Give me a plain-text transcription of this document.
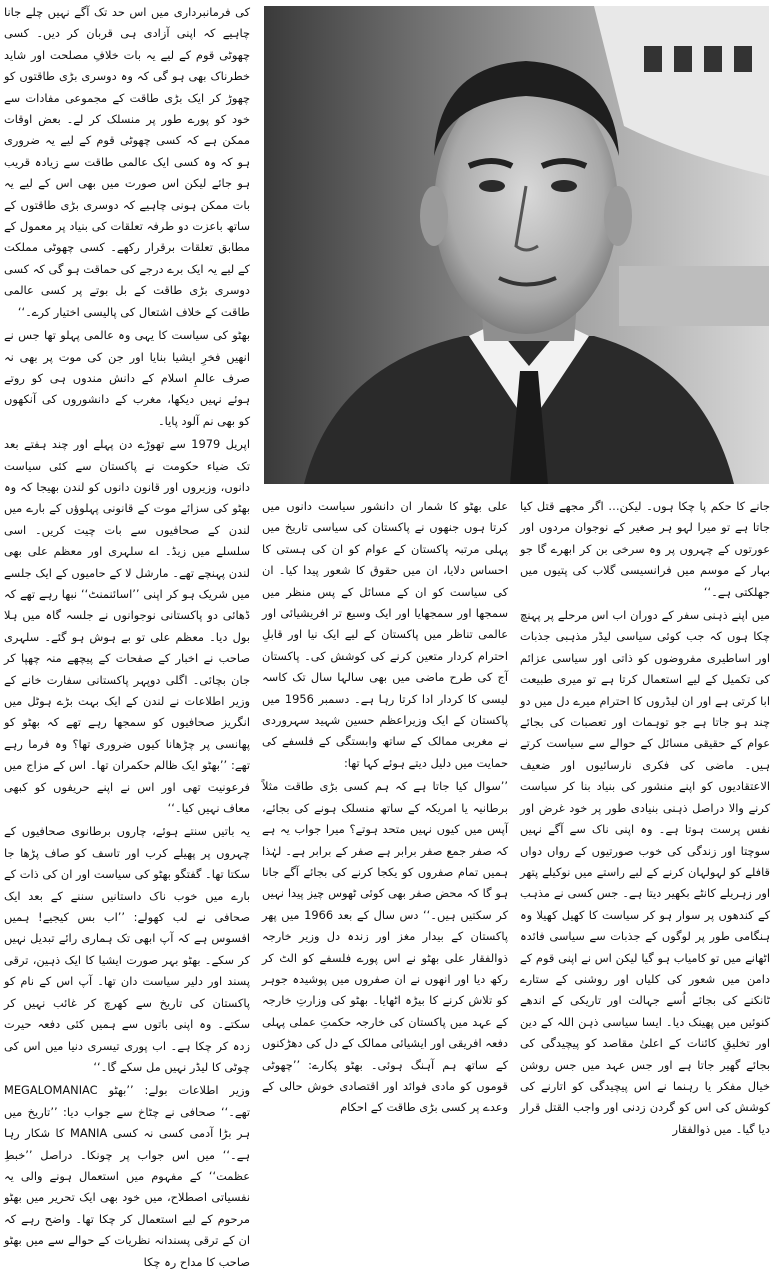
کی فرمانبرداری میں اس حد تک آگے نہیں چلے جانا چاہیے کہ اپنی آزادی ہی قربان کر دیں۔ کسی چھوٹی قوم کے لیے یہ بات خلافِ مصلحت اور شاید خطرناک بھی ہو گی کہ وہ دوسری بڑی طاقتوں کو چھوڑ کر ایک بڑی طاقت کے مجموعی مفادات سے خود کو پورے طور پر منسلک کر لے۔ بعض اوقات ممکن ہے کہ کسی چھوٹی قوم کے لیے یہ ضروری ہو کہ وہ کسی ایک عالمی طاقت سے زیادہ قریب ہو جائے لیکن اس صورت میں بھی اس کے لیے یہ بات ممکن ہونی چاہیے کہ دوسری بڑی طاقتوں کے ساتھ باعزت دو طرفہ تعلقات کی بنیاد پر معمول کے مطابق تعلقات برقرار رکھے۔ کسی چھوٹی مملکت کے لیے یہ ایک برے درجے کی حماقت ہو گی کہ کسی دوسری بڑی طاقت کے بل بوتے پر کسی عالمی طاقت کے خلاف اشتعال کی پالیسی اختیار کرے۔‘‘

بھٹو کی سیاست کا یہی وہ عالمی پہلو تھا جس نے انھیں فخرِ ایشیا بنایا اور جن کی موت پر بھی نہ صرف عالمِ اسلام کے دانش مندوں ہی کو روتے ہوئے نہیں دیکھا، مغرب کے دانشوروں کی آنکھوں کو بھی نم آلود پایا۔

اپریل 1979 سے تھوڑے دن پہلے اور چند ہفتے بعد تک ضیاء حکومت نے پاکستان سے کئی سیاست دانوں، وزیروں اور قانون دانوں کو لندن بھیجا کہ وہ بھٹو کی سزائے موت کے قانونی پہلوؤں کے بارے میں لندن کے صحافیوں سے بات چیت کریں۔ اسی سلسلے میں زیڈ۔ اے سلہری اور معظم علی بھی لندن پہنچے تھے۔ مارشل لا کے حامیوں کے ایک جلسے میں شریک ہو کر اپنی ’’اسائنمنٹ‘‘ نبھا رہے تھے کہ ڈھائی دو پاکستانی نوجوانوں نے جلسہ گاہ میں ہلا بول دیا۔ معظم علی تو بے ہوش ہو گئے۔ سلہری صاحب نے اخبار کے صفحات کے پیچھے منہ چھپا کر جان بچائی۔ اگلی دوپہر پاکستانی سفارت خانے کے وزیر اطلاعات نے لندن کے ایک بہت بڑے ہوٹل میں انگریز صحافیوں کو سمجھا رہے تھے کہ بھٹو کو پھانسی پر چڑھانا کیوں ضروری تھا؟ وہ فرما رہے تھے: ’’بھٹو ایک ظالم حکمران تھا۔ اس کے مزاج میں فرعونیت تھی اور اس نے اپنے حریفوں کو کبھی معاف نہیں کیا۔‘‘

یہ باتیں سنتے ہوئے، چاروں برطانوی صحافیوں کے چہروں پر پھیلے کرب اور تاسف کو صاف پڑھا جا سکتا تھا۔ گفتگو بھٹو کی سیاست اور ان کی ذات کے بارے میں خوب ناک داستانیں سننے کے بعد ایک صحافی نے لب کھولے: ’’اب بس کیجیے! ہمیں افسوس ہے کہ آپ ابھی تک ہماری رائے تبدیل نہیں کر سکے۔ بھٹو بہر صورت ایشیا کا ایک ذہین، ترقی پسند اور دلیر سیاست دان تھا۔ آپ اس کے نام کو پاکستان کی تاریخ سے کھرچ کر غائب نہیں کر سکتے۔ وہ اپنی باتوں سے ہمیں کئی دفعہ حیرت زدہ کر چکا ہے۔ اب پوری تیسری دنیا میں اس کی چوٹی کا لیڈر نہیں مل سکے گا۔‘‘

وزیر اطلاعات بولے: ’’بھٹو MEGALOMANIAC تھے۔‘‘ صحافی نے چٹاخ سے جواب دیا: ’’تاریخ میں ہر بڑا آدمی کسی نہ کسی MANIA کا شکار رہا ہے۔‘‘ میں اس جواب پر چونکا۔ دراصل ’’خبطِ عظمت‘‘ کے مفہوم میں استعمال ہونے والی یہ نفسیاتی اصطلاح، میں خود بھی ایک تحریر میں بھٹو مرحوم کے لیے استعمال کر چکا تھا۔ واضح رہے کہ ان کے ترقی پسندانہ نظریات کے حوالے سے میں بھٹو صاحب کا مداح رہ چکا

علی بھٹو کا شمار ان دانشور سیاست دانوں میں کرتا ہوں جنھوں نے پاکستان کی سیاسی تاریخ میں پہلی مرتبہ پاکستان کے عوام کو ان کی ہستی کا احساس دلایا، ان میں حقوق کا شعور پیدا کیا۔ ان کی سیاست کو ان کے مسائل کے پس منظر میں سمجھا اور سمجھایا اور ایک وسیع تر افریشیائی اور عالمی تناظر میں پاکستان کے لیے ایک نیا اور قابلِ احترام کردار متعین کرنے کی کوشش کی۔ پاکستان آج کی طرح ماضی میں بھی سالہا سال تک کاسہ لیسی کا کردار ادا کرتا رہا ہے۔ دسمبر 1956 میں پاکستان کے ایک وزیراعظم حسین شہید سہروردی نے مغربی ممالک کے ساتھ وابستگی کے فلسفے کی حمایت میں دلیل دیتے ہوئے کہا تھا:

’’سوال کیا جاتا ہے کہ ہم کسی بڑی طاقت مثلاً برطانیہ یا امریکہ کے ساتھ منسلک ہونے کی بجائے، آپس میں کیوں نہیں متحد ہوتے؟ میرا جواب یہ ہے کہ صفر جمع صفر برابر ہے صفر کے برابر ہے۔ لہٰذا ہمیں تمام صفروں کو یکجا کرنے کی بجائے آگے جانا ہو گا کہ محض صفر بھی کوئی ٹھوس چیز پیدا نہیں کر سکتیں ہیں۔‘‘ دس سال کے بعد 1966 میں پھر پاکستان کے بیدار مغز اور زندہ دل وزیر خارجہ ذوالفقار علی بھٹو نے اس پورے فلسفے کو الٹ کر رکھ دیا اور انھوں نے ان صفروں میں پوشیدہ جوہر کو تلاش کرنے کا بیڑہ اٹھایا۔ بھٹو کی وزارتِ خارجہ کے عہد میں پاکستان کی خارجہ حکمتِ عملی پہلی دفعہ افریقی اور ایشیائی ممالک کے دل کی دھڑکنوں کے ساتھ ہم آہنگ ہوئی۔ بھٹو پکارے: ’’چھوٹی قوموں کو مادی فوائد اور اقتصادی خوش حالی کے وعدے پر کسی بڑی طاقت کے احکام

جانے کا حکم پا چکا ہوں۔ لیکن… اگر مجھے قتل کیا جاتا ہے تو میرا لہو ہر صغیر کے نوجوان مردوں اور عورتوں کے چہروں پر وہ سرخی بن کر ابھرے گا جو بہار کے موسم میں فرانسیسی گلاب کی پتیوں میں جھلکتی ہے۔‘‘

میں اپنے ذہنی سفر کے دوران اب اس مرحلے پر پہنچ چکا ہوں کہ جب کوئی سیاسی لیڈر مذہبی جذبات اور اساطیری مفروضوں کو ذاتی اور سیاسی عزائم کی تکمیل کے لیے استعمال کرتا ہے تو میری طبیعت ابا کرتی ہے اور ان لیڈروں کا احترام میرے دل میں دو چند ہو جاتا ہے جو توہمات اور تعصبات کی بجائے عوام کے حقیقی مسائل کے حوالے سے سیاست کرتے ہیں۔ ماضی کی فکری نارسائیوں اور ضعیف الاعتقادیوں کو اپنے منشور کی بنیاد بنا کر سیاست کرنے والا دراصل ذہنی بنیادی طور پر خود غرض اور نفس پرست ہوتا ہے۔ وہ اپنی ناک سے آگے نہیں سوچتا اور زندگی کی خوب صورتیوں کے رواں دواں قافلے کو لہولہان کرنے کے لیے راستے میں نوکیلے پتھر اور زہریلے کانٹے بکھیر دیتا ہے۔ جس کسی نے مذہب کے کندھوں پر سوار ہو کر سیاست کا کھیل کھیلا وہ ہنگامی طور پر لوگوں کے جذبات سے سیاسی فائدہ اٹھانے میں تو کامیاب ہو گیا لیکن اس نے اپنی قوم کے دامن میں شعور کی کلیاں اور روشنی کے ستارے ٹانکنے کی بجائے اُسے جہالت اور تاریکی کے اندھے کنوئیں میں پھینک دیا۔ ایسا سیاسی ذہن اللہ کے دین اور تخلیقِ کائنات کے اعلیٰ مقاصد کو پیچیدگی کی بجائے گھیر جاتا ہے اور جس عہد میں جس روشن خیال مفکر یا رہنما نے اس پیچیدگی کو اتارنے کی کوشش کی اس کو گردن زدنی اور واجب القتل قرار دیا گیا۔ میں ذوالفقار
